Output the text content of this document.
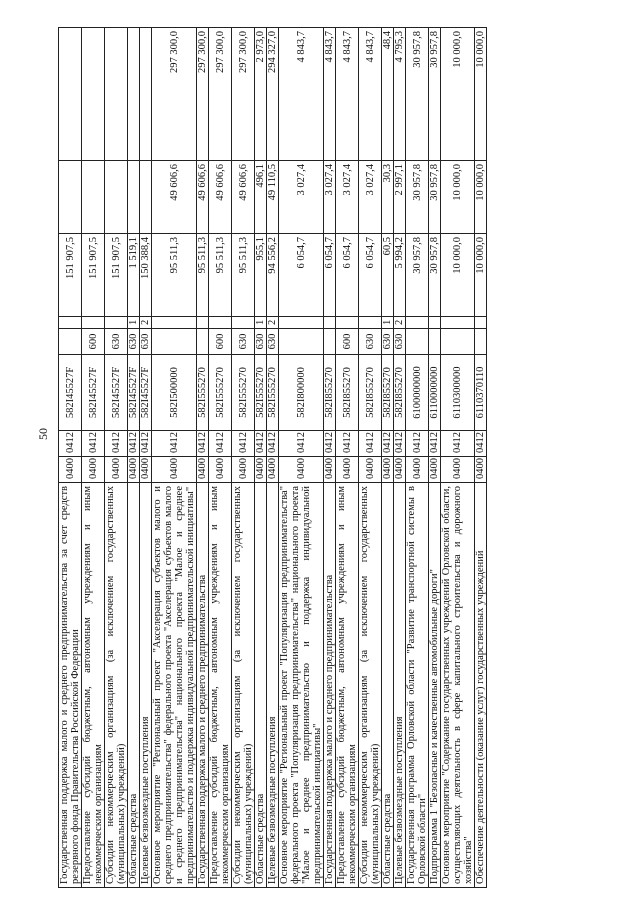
50
Государственная поддержка малого и среднего предпринимательства за счет средств резервного фонда Правительства Российской Федерации	0400	0412	582I45527F			151 907,5		
Предоставление субсидий бюджетным, автономным учреждениям и иным некоммерческим организациям	0400	0412	582I45527F	600		151 907,5		
Субсидии некоммерческим организациям (за исключением государственных (муниципальных) учреждений)	0400	0412	582I45527F	630		151 907,5		
Областные средства	0400	0412	582I45527F	630	1	1 519,1		
Целевые безвозмездные поступления	0400	0412	582I45527F	630	2	150 388,4		
Основное мероприятие "Региональный проект "Акселерация субъектов малого и среднего предпринимательства" федерального проекта "Акселерация субъектов малого и среднего предпринимательства" национального проекта "Малое и среднее предпринимательство и поддержка индивидуальной предпринимательской инициативы"	0400	0412	582I500000			95 511,3	49 606,6	297 300,0
Государственная поддержка малого и среднего предпринимательства	0400	0412	582I555270			95 511,3	49 606,6	297 300,0
Предоставление субсидий бюджетным, автономным учреждениям и иным некоммерческим организациям	0400	0412	582I555270	600		95 511,3	49 606,6	297 300,0
Субсидии некоммерческим организациям (за исключением государственных (муниципальных) учреждений)	0400	0412	582I555270	630		95 511,3	49 606,6	297 300,0
Областные средства	0400	0412	582I555270	630	1	955,1	496,1	2 973,0
Целевые безвозмездные поступления	0400	0412	582I555270	630	2	94 556,2	49 110,5	294 327,0
Основное мероприятие "Региональный проект "Популяризация предпринимательства" федерального проекта "Популяризация предпринимательства" национального проекта "Малое и среднее предпринимательство и поддержка индивидуальной предпринимательской инициативы"	0400	0412	582I800000			6 054,7	3 027,4	4 843,7
Государственная поддержка малого и среднего предпринимательства	0400	0412	582I855270			6 054,7	3 027,4	4 843,7
Предоставление субсидий бюджетным, автономным учреждениям и иным некоммерческим организациям	0400	0412	582I855270	600		6 054,7	3 027,4	4 843,7
Субсидии некоммерческим организациям (за исключением государственных (муниципальных) учреждений)	0400	0412	582I855270	630		6 054,7	3 027,4	4 843,7
Областные средства	0400	0412	582I855270	630	1	60,5	30,3	48,4
Целевые безвозмездные поступления	0400	0412	582I855270	630	2	5 994,2	2 997,1	4 795,3
Государственная программа Орловской области "Развитие транспортной системы в Орловской области"	0400	0412	6100000000			30 957,8	30 957,8	30 957,8
Подпрограмма 1 "Безопасные и качественные автомобильные дороги"	0400	0412	6110000000			30 957,8	30 957,8	30 957,8
Основное мероприятие "Содержание государственных учреждений Орловской области, осуществляющих деятельность в сфере капитального строительства и дорожного хозяйства"	0400	0412	6110300000			10 000,0	10 000,0	10 000,0
Обеспечение деятельности (оказание услуг) государственных учреждений	0400	0412	6110370110			10 000,0	10 000,0	10 000,0
